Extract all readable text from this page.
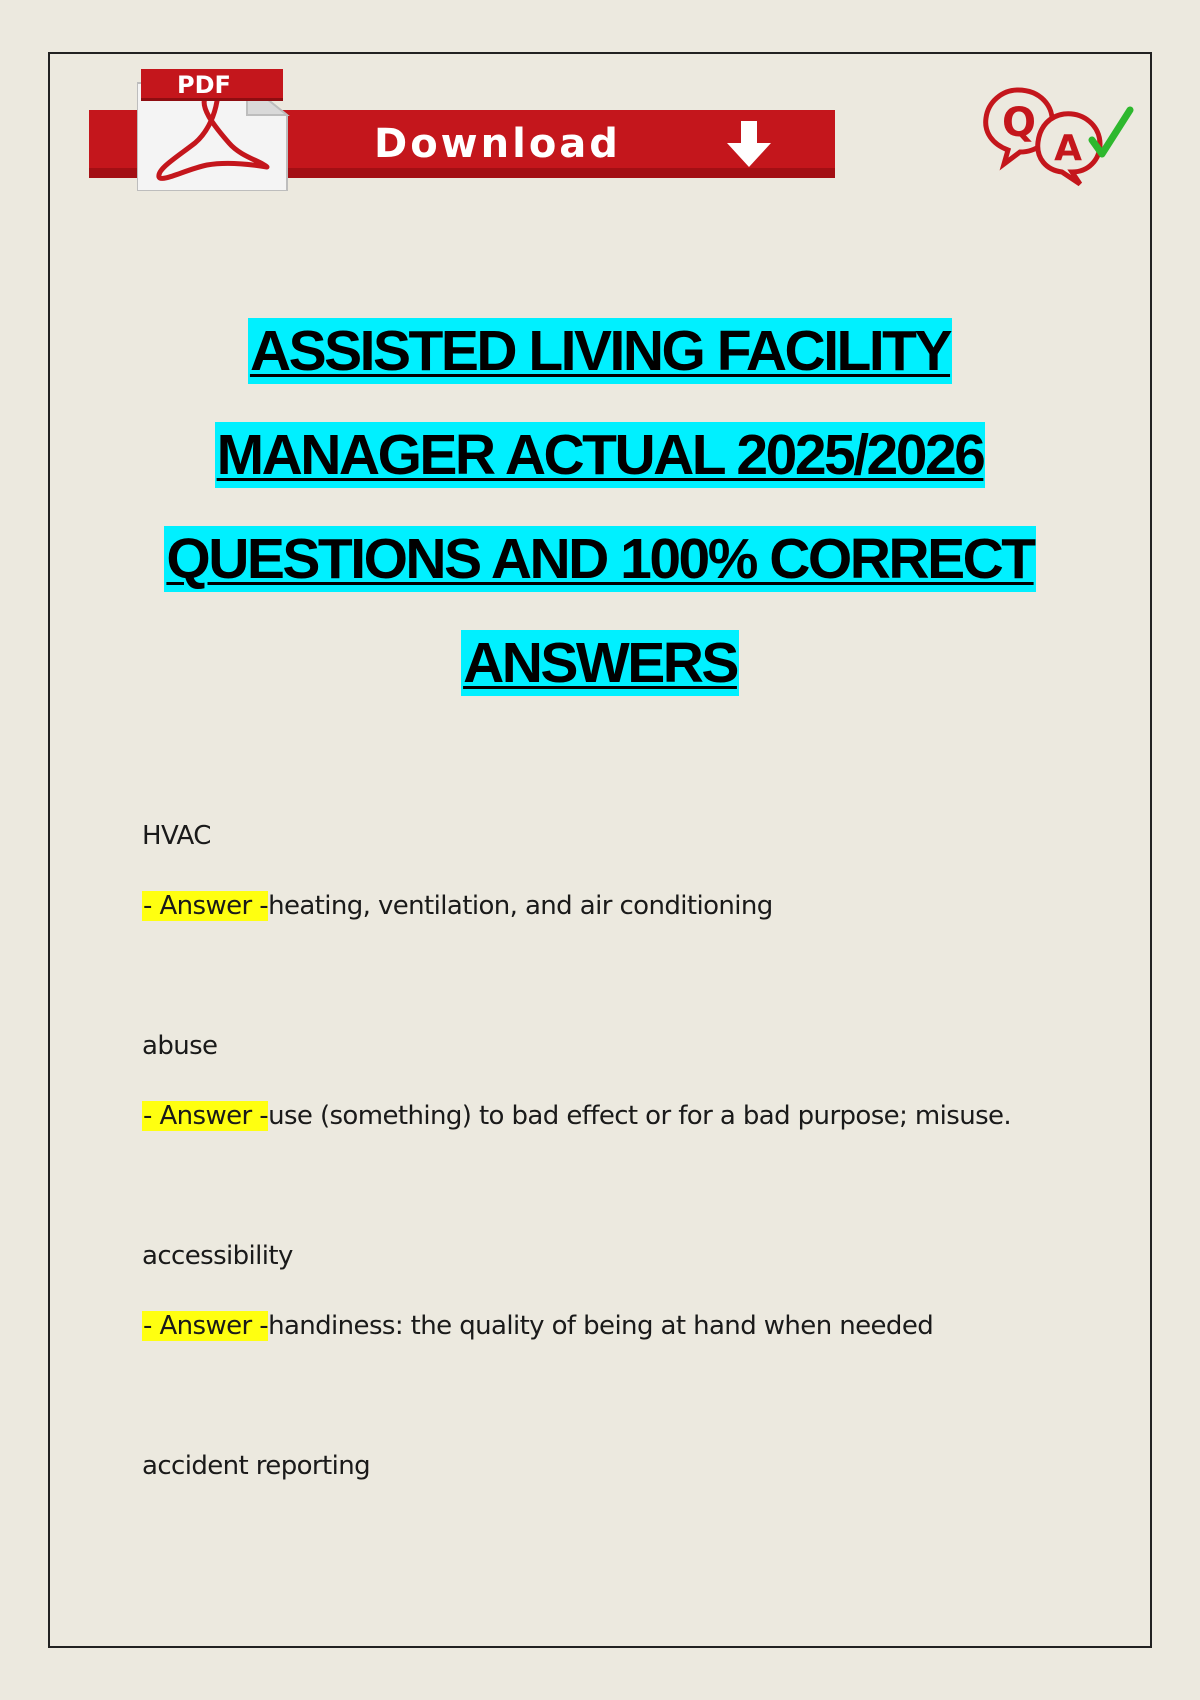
Download
PDF
Q
A
ASSISTED LIVING FACILITY
MANAGER ACTUAL 2025/2026
QUESTIONS AND 100% CORRECT
ANSWERS
HVAC
- Answer -heating, ventilation, and air conditioning
abuse
- Answer -use (something) to bad effect or for a bad purpose; misuse.
accessibility
- Answer -handiness: the quality of being at hand when needed
accident reporting
